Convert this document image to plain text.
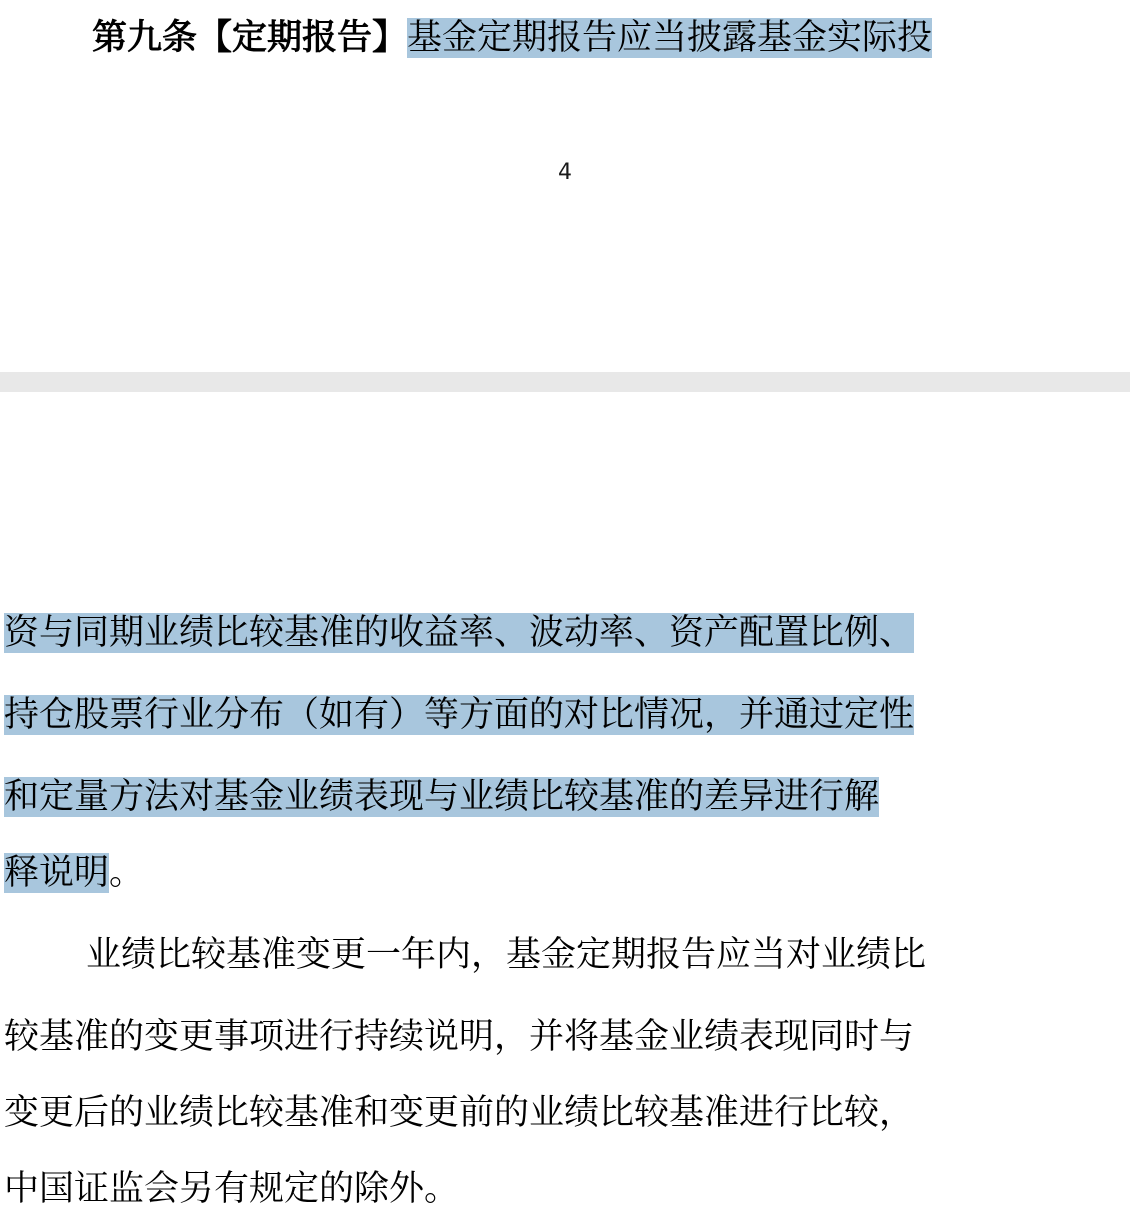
第九条【定期报告】基金定期报告应当披露基金实际投
4
资与同期业绩比较基准的收益率、波动率、资产配置比例、
持仓股票行业分布（如有）等方面的对比情况，并通过定性
和定量方法对基金业绩表现与业绩比较基准的差异进行解
释说明。
业绩比较基准变更一年内，基金定期报告应当对业绩比
较基准的变更事项进行持续说明，并将基金业绩表现同时与
变更后的业绩比较基准和变更前的业绩比较基准进行比较，
中国证监会另有规定的除外。
